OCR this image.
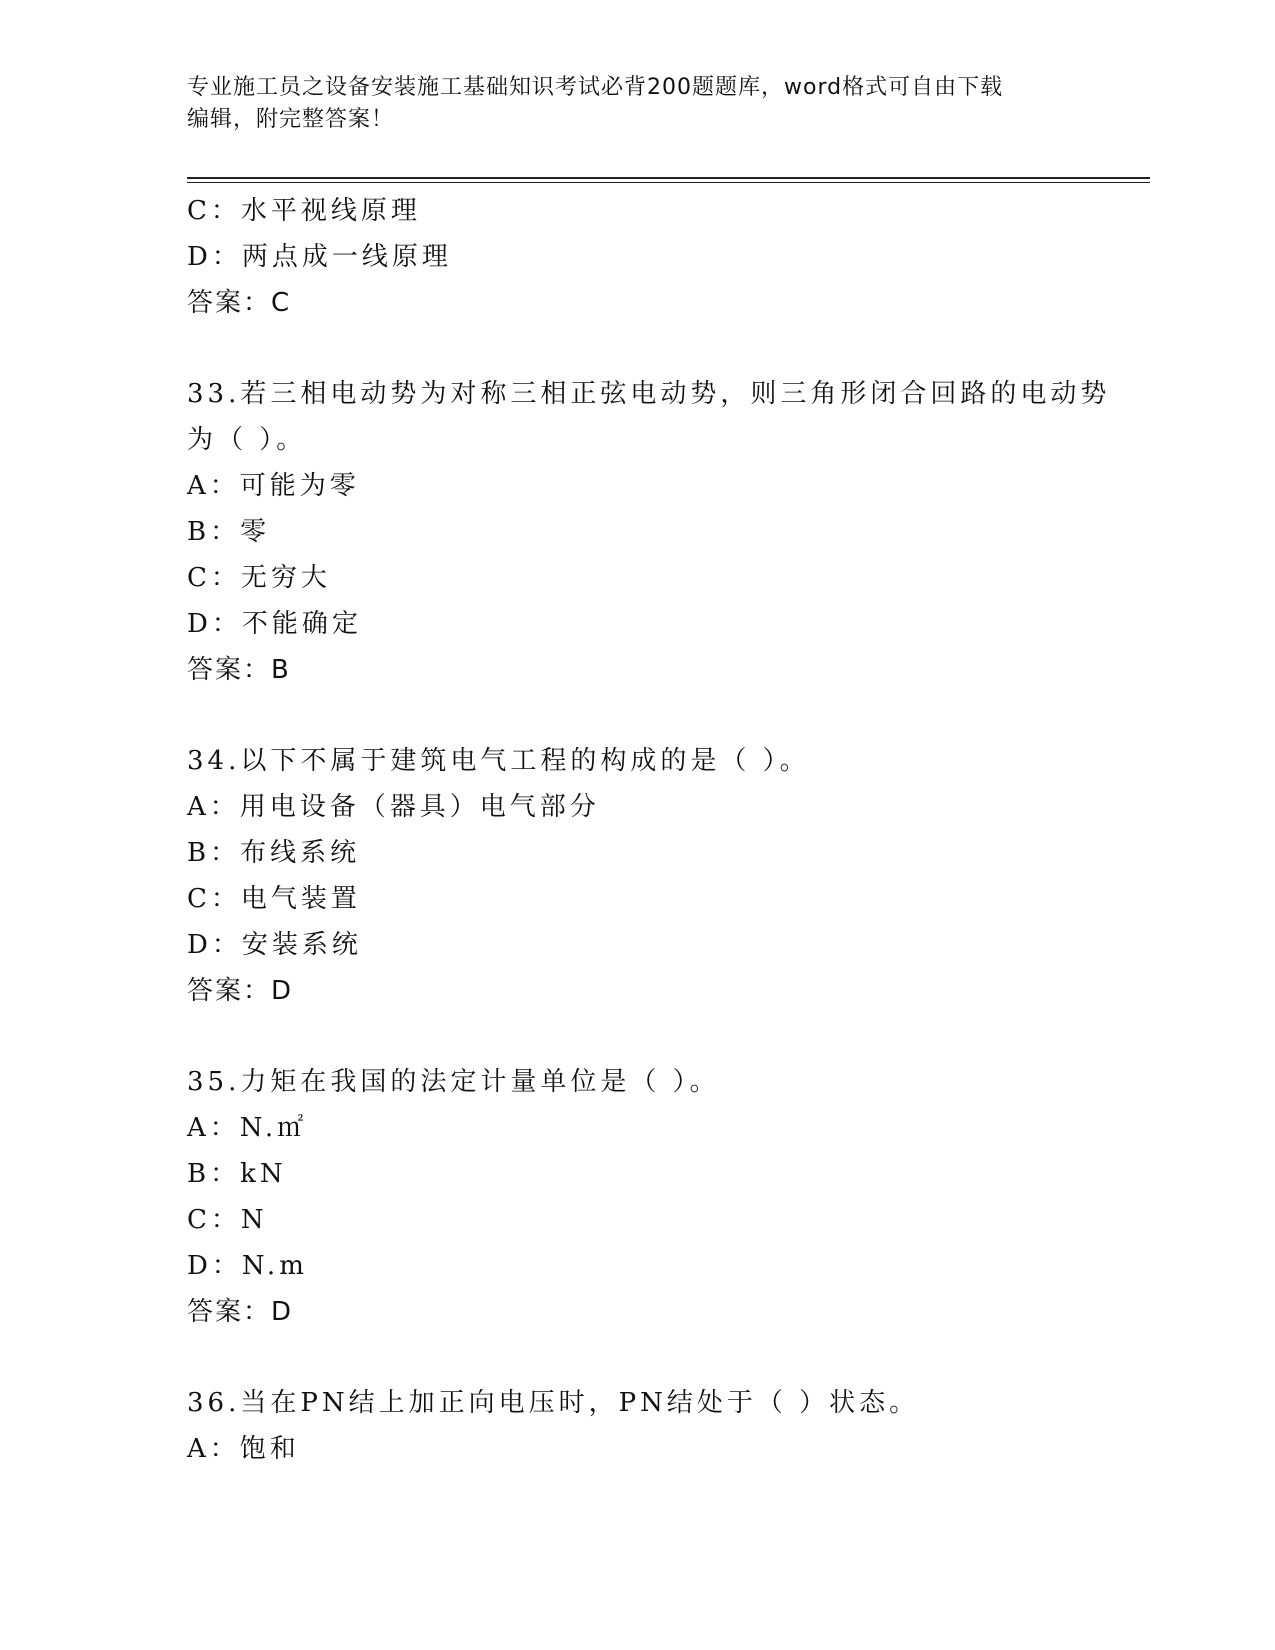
专业施工员之设备安装施工基础知识考试必背200题题库，word格式可自由下载
编辑，附完整答案！
C：水平视线原理
D：两点成一线原理
答案：C
33.若三相电动势为对称三相正弦电动势，则三角形闭合回路的电动势
为（ ）。
A：可能为零
B：零
C：无穷大
D：不能确定
答案：B
34.以下不属于建筑电气工程的构成的是（ ）。
A：用电设备（器具）电气部分
B：布线系统
C：电气装置
D：安装系统
答案：D
35.力矩在我国的法定计量单位是（ ）。
A：N.㎡
B：kN
C：N
D：N.m
答案：D
36.当在PN结上加正向电压时，PN结处于（ ）状态。
A：饱和
